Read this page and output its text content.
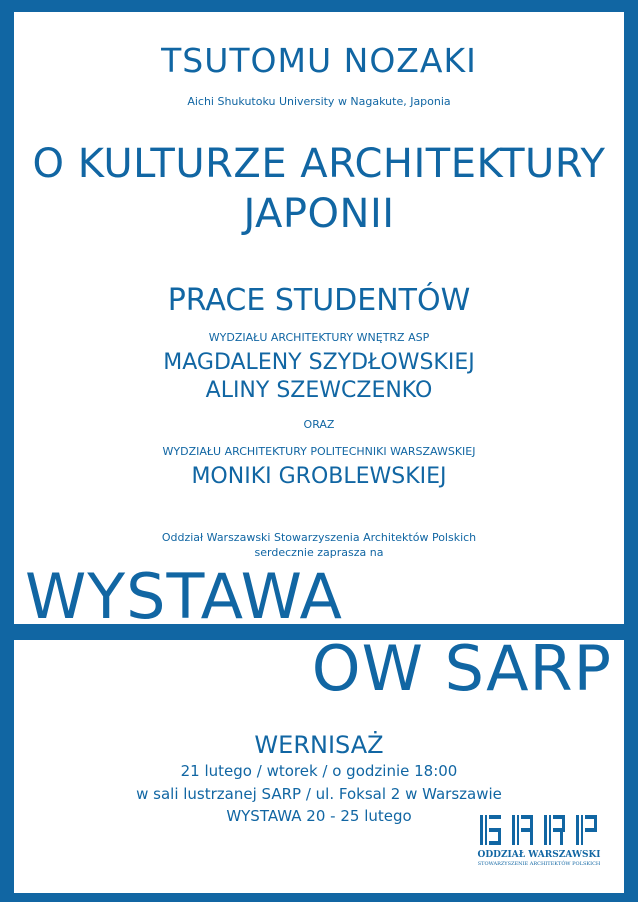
TSUTOMU NOZAKI
Aichi Shukutoku University w Nagakute, Japonia
O KULTURZE ARCHITEKTURY
JAPONII
PRACE STUDENTÓW
WYDZIAŁU ARCHITEKTURY WNĘTRZ ASP
MAGDALENY SZYDŁOWSKIEJ
ALINY SZEWCZENKO
ORAZ
WYDZIAŁU ARCHITEKTURY POLITECHNIKI WARSZAWSKIEJ
MONIKI GROBLEWSKIEJ
Oddział Warszawski Stowarzyszenia Architektów Polskich
serdecznie zaprasza na
WYSTAWA
OW SARP
WERNISAŻ
21 lutego / wtorek / o godzinie 18:00
w sali lustrzanej SARP / ul. Foksal 2 w Warszawie
WYSTAWA 20 - 25 lutego
ODDZIAŁ WARSZAWSKI
STOWARZYSZENIE ARCHITEKTÓW POLSKICH
